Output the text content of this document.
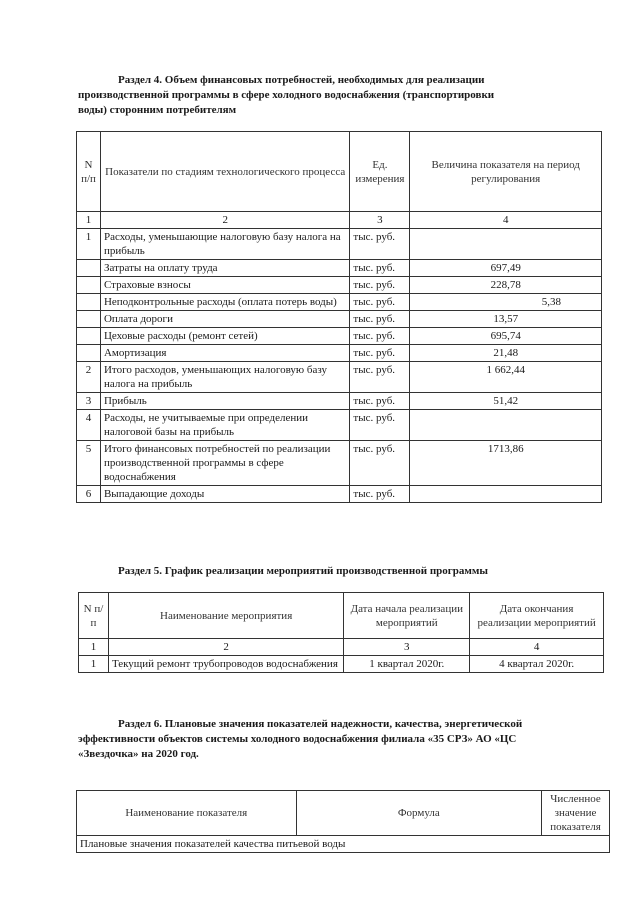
Раздел 4. Объем финансовых потребностей, необходимых для реализации
производственной программы в сфере холодного водоснабжения (транспортировки
воды) сторонним потребителям
N п/п	Показатели по стадиям технологического процесса	Ед. измерения	Величина показателя на период регулирования
1	2	3	4
1	Расходы, уменьшающие налоговую базу налога на прибыль	тыс. руб.	
	Затраты на оплату труда	тыс. руб.	697,49
	Страховые взносы	тыс. руб.	228,78
	Неподконтрольные расходы (оплата потерь воды)	тыс. руб.	5,38
	Оплата дороги	тыс. руб.	13,57
	Цеховые расходы (ремонт сетей)	тыс. руб.	695,74
	Амортизация	тыс. руб.	21,48
2	Итого расходов, уменьшающих налоговую базу налога на прибыль	тыс. руб.	1 662,44
3	Прибыль	тыс. руб.	51,42
4	Расходы, не учитываемые при определении налоговой базы на прибыль	тыс. руб.	
5	Итого финансовых потребностей по реализации производственной программы в сфере водоснабжения	тыс. руб.	1713,86
6	Выпадающие доходы	тыс. руб.	
Раздел 5. График реализации мероприятий производственной программы
N п/п	Наименование мероприятия	Дата начала реализации мероприятий	Дата окончания реализации мероприятий
1	2	3	4
1	Текущий ремонт трубопроводов водоснабжения	1 квартал 2020г.	4 квартал 2020г.
Раздел 6. Плановые значения показателей надежности, качества, энергетической
эффективности объектов системы холодного водоснабжения филиала «35 СРЗ» АО «ЦС
«Звездочка» на 2020 год.
Наименование показателя	Формула	Численное значение показателя
Плановые значения показателей качества питьевой воды
